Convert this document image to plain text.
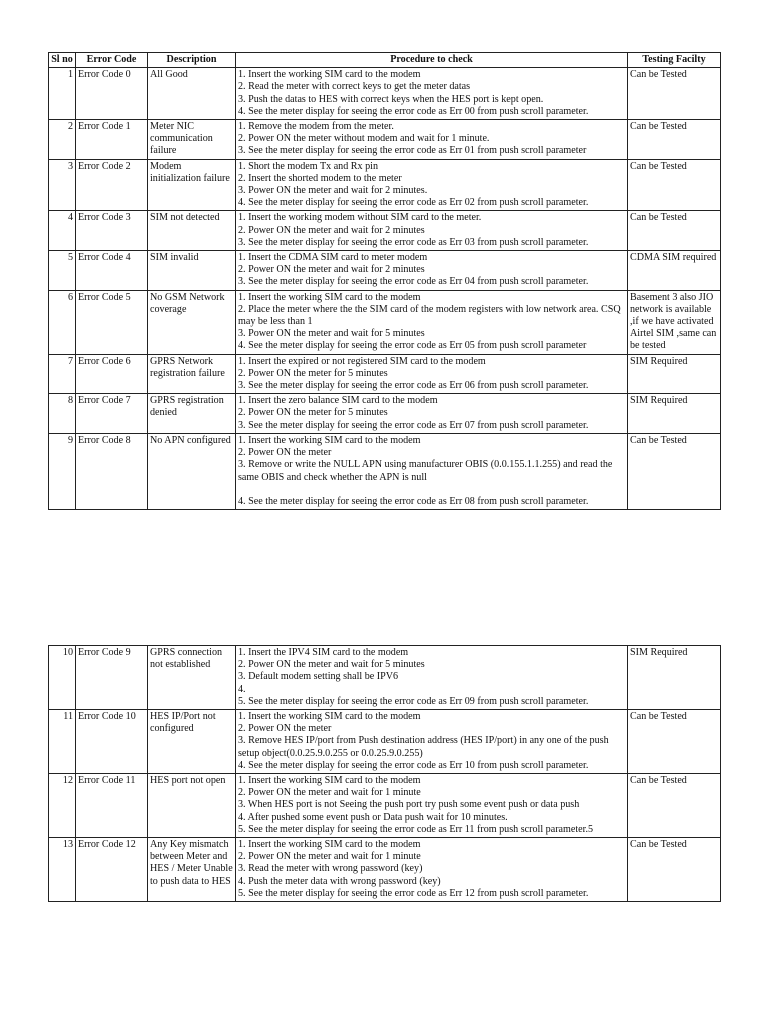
Sl no	Error Code	Description	Procedure to check	Testing Facilty
1	Error Code 0	All Good	1. Insert the working SIM card to the modem
2. Read the meter with correct keys to get the meter datas
3. Push the datas to HES with correct keys when the HES port is kept open.
4. See the meter display for seeing the error code as Err 00 from push scroll parameter.	Can be Tested
2	Error Code 1	Meter NIC communication failure	1. Remove the modem from the meter.
2. Power ON the meter without modem and wait for 1 minute.
3. See the meter display for seeing the error code as Err 01 from push scroll parameter	Can be Tested
3	Error Code 2	Modem initialization failure	1. Short the modem Tx and Rx pin
2. Insert the shorted modem to the meter
3. Power ON the meter and wait for 2 minutes.
4. See the meter display for seeing the error code as Err 02 from push scroll parameter.	Can be Tested
4	Error Code 3	SIM not detected	1. Insert the working modem without SIM card to the meter.
2. Power ON the meter and wait for 2 minutes
3. See the meter display for seeing the error code as Err 03 from push scroll parameter.	Can be Tested
5	Error Code 4	SIM invalid	1. Insert the CDMA SIM card to meter modem
2. Power ON the meter and wait for 2 minutes
3. See the meter display for seeing the error code as Err 04 from push scroll parameter.	CDMA SIM required
6	Error Code 5	No GSM Network coverage	1. Insert the working SIM card to the modem
2. Place the meter where the the SIM card of the modem registers with low network area. CSQ may be less than 1
3. Power ON the meter and wait for 5 minutes
4. See the meter display for seeing the error code as Err 05 from push scroll parameter	Basement 3 also JIO network is available ,if we have activated Airtel SIM ,same can be tested
7	Error Code 6	GPRS Network registration failure	1. Insert the expired or not registered SIM card to the modem
2. Power ON the meter for 5 minutes
3. See the meter display for seeing the error code as Err 06 from push scroll parameter.	SIM Required
8	Error Code 7	GPRS registration denied	1. Insert the zero balance SIM card to the modem
2. Power ON the meter for 5 minutes
3. See the meter display for seeing the error code as Err 07 from push scroll parameter.	SIM Required
9	Error Code 8	No APN configured	1. Insert the working SIM card to the modem
2. Power ON the meter
3. Remove or write the NULL APN using manufacturer OBIS (0.0.155.1.1.255) and read the same OBIS and check whether the APN is null
4. See the meter display for seeing the error code as Err 08 from push scroll parameter.	Can be Tested
10	Error Code 9	GPRS connection not established	1. Insert the IPV4 SIM card to the modem
2. Power ON the meter and wait for 5 minutes
3. Default modem setting shall be IPV6
4.
5. See the meter display for seeing the error code as Err 09 from push scroll parameter.	SIM Required
11	Error Code 10	HES IP/Port not configured	1. Insert the working SIM card to the modem
2. Power ON the meter
3. Remove HES IP/port from Push destination address (HES IP/port) in any one of the push setup object(0.0.25.9.0.255 or 0.0.25.9.0.255)
4. See the meter display for seeing the error code as Err 10 from push scroll parameter.	Can be Tested
12	Error Code 11	HES port not open	1. Insert the working SIM card to the modem
2. Power ON the meter and wait for 1 minute
3. When HES port is not Seeing the push port try push some event push or data push
4. After pushed some event push or Data push wait for 10 minutes.
5. See the meter display for seeing the error code as Err 11 from push scroll parameter.5	Can be Tested
13	Error Code 12	Any Key mismatch between Meter and HES / Meter Unable to push data to HES	1. Insert the working SIM card to the modem
2. Power ON the meter and wait for 1 minute
3. Read the meter with wrong password (key)
4. Push the meter data with wrong password (key)
5. See the meter display for seeing the error code as Err 12 from push scroll parameter.	Can be Tested
